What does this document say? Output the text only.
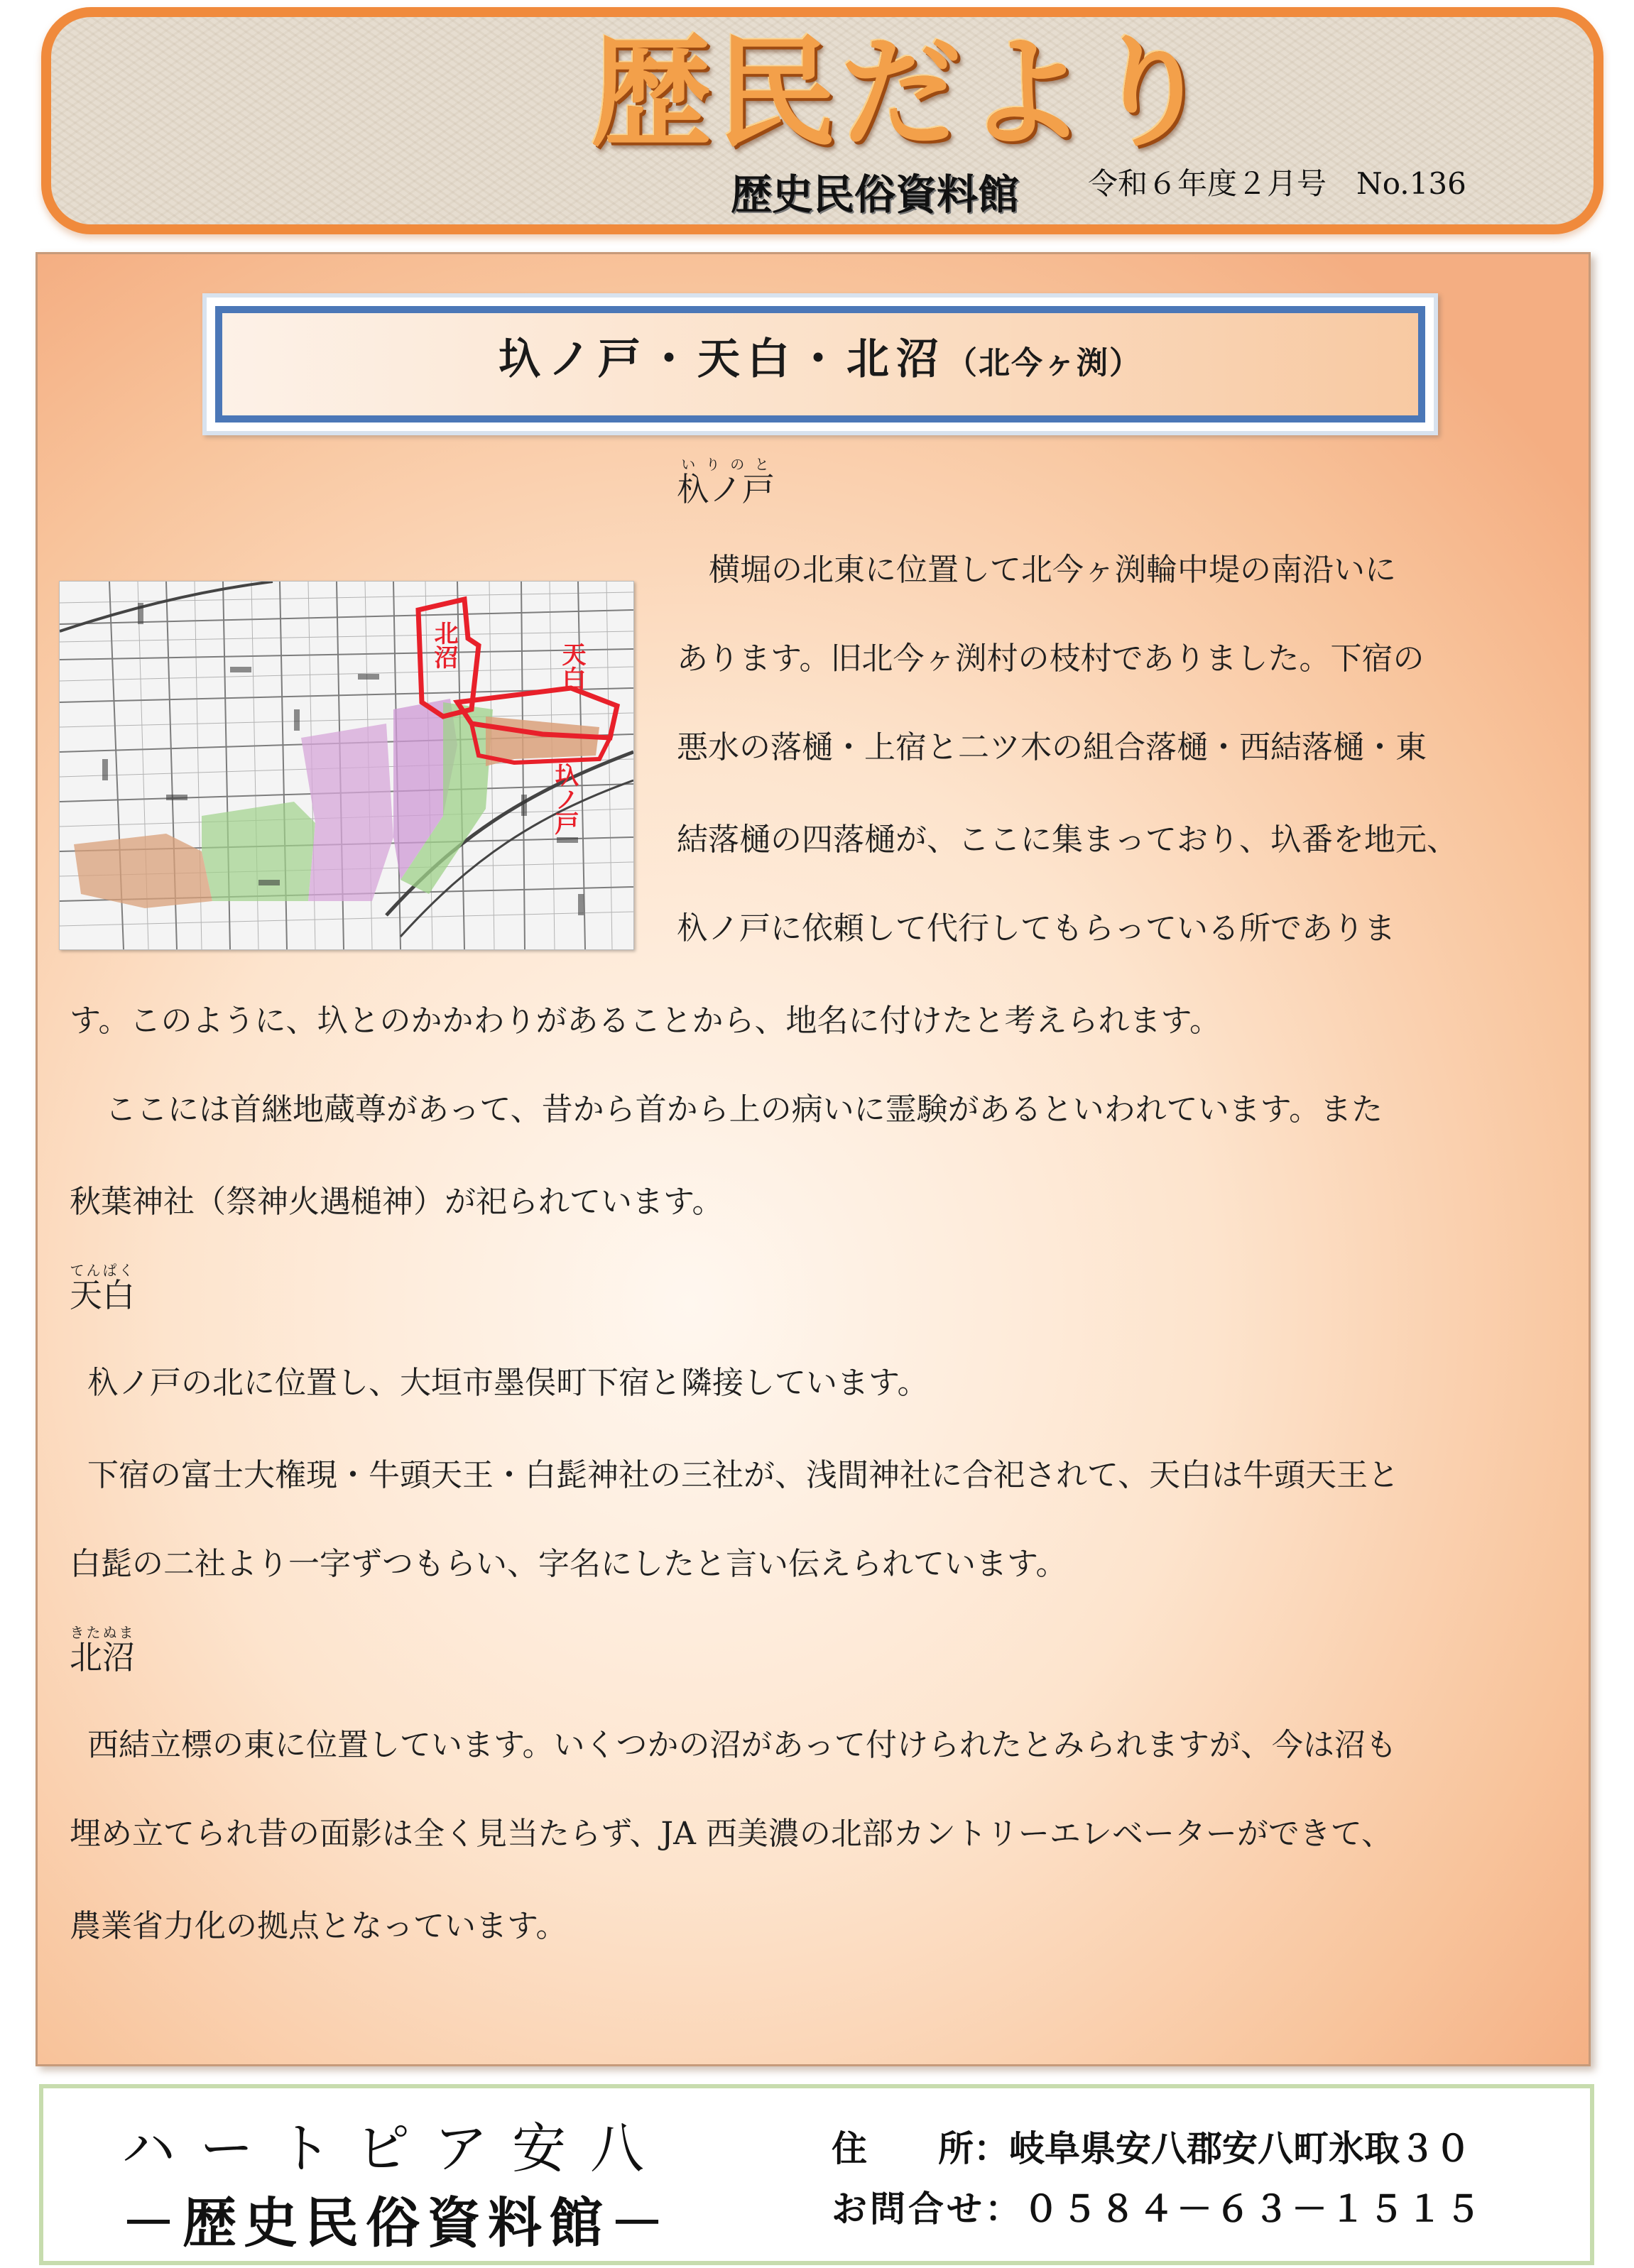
歴民だより
歴史民俗資料館	令和６年度２月号　No.136
圦ノ戸・天白・北沼（北今ヶ渕）
北沼	天白
圦ノ戸
杁ノ戸いりのと
横堀の北東に位置して北今ヶ渕輪中堤の南沿いに
あります。旧北今ヶ渕村の枝村でありました。下宿の
悪水の落樋・上宿と二ツ木の組合落樋・西結落樋・東
結落樋の四落樋が、ここに集まっており、圦番を地元、
杁ノ戸に依頼して代行してもらっている所でありま
す。このように、圦とのかかわりがあることから、地名に付けたと考えられます。
ここには首継地蔵尊があって、昔から首から上の病いに霊験があるといわれています。また
秋葉神社（祭神火遇槌神）が祀られています。
天白てんぱく
杁ノ戸の北に位置し、大垣市墨俣町下宿と隣接しています。
下宿の富士大権現・牛頭天王・白髭神社の三社が、浅間神社に合祀されて、天白は牛頭天王と
白髭の二社より一字ずつもらい、字名にしたと言い伝えられています。
北沼きたぬま
西結立標の東に位置しています。いくつかの沼があって付けられたとみられますが、今は沼も
埋め立てられ昔の面影は全く見当たらず、JA 西美濃の北部カントリーエレベーターができて、
農業省力化の拠点となっています。
ハートピア安八
－歴史民俗資料館－
住　　所：岐阜県安八郡安八町氷取３０
お問合せ：０５８４－６３－１５１５
